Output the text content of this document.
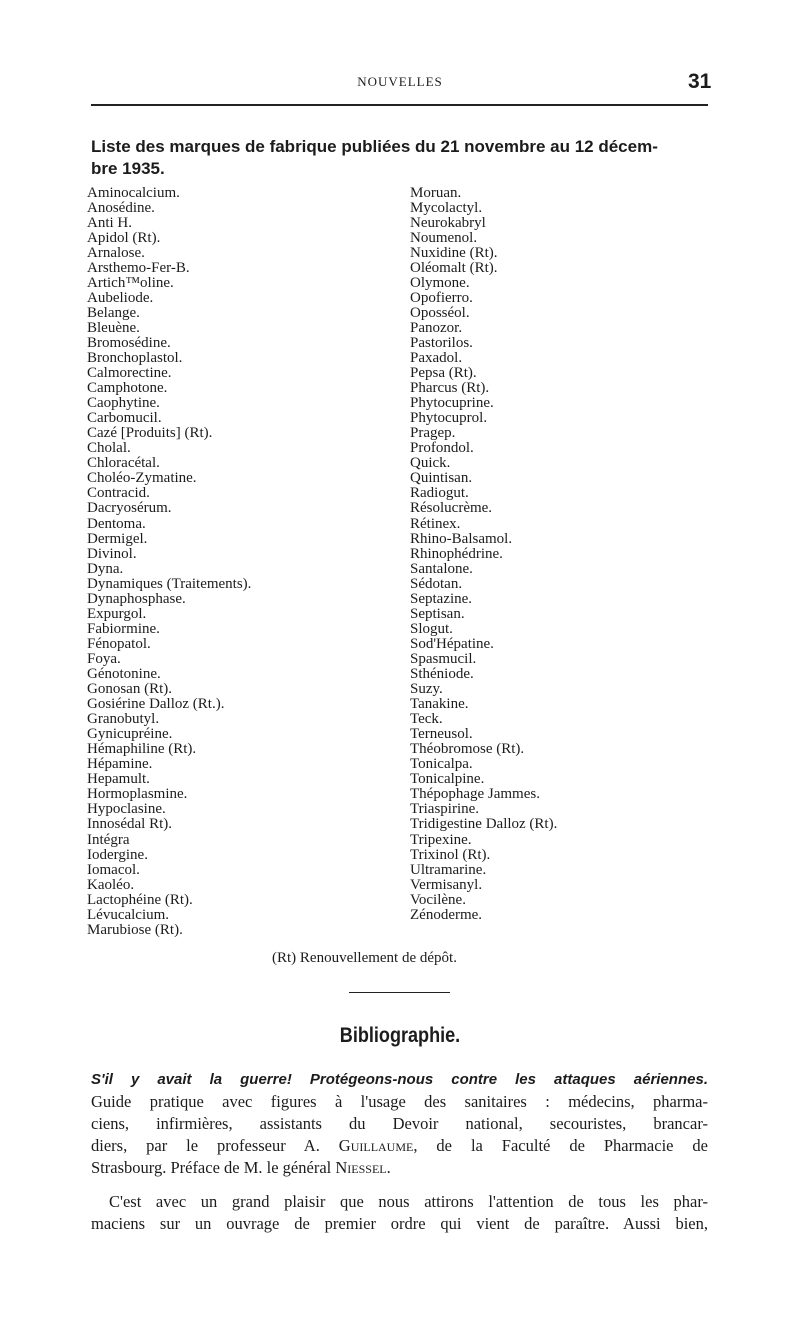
NOUVELLES	31
Liste des marques de fabrique publiées du 21 novembre au 12 décem-
bre 1935.
Aminocalcium.
Anosédine.
Anti H.
Apidol (Rt).
Arnalose.
Arsthemo-Fer-B.
Artich™oline.
Aubeliode.
Belange.
Bleuène.
Bromosédine.
Bronchoplastol.
Calmorectine.
Camphotone.
Caophytine.
Carbomucil.
Cazé [Produits] (Rt).
Cholal.
Chloracétal.
Choléo-Zymatine.
Contracid.
Dacryosérum.
Dentoma.
Dermigel.
Divinol.
Dyna.
Dynamiques (Traitements).
Dynaphosphase.
Expurgol.
Fabiormine.
Fénopatol.
Foya.
Génotonine.
Gonosan (Rt).
Gosiérine Dalloz (Rt.).
Granobutyl.
Gynicupréine.
Hémaphiline (Rt).
Hépamine.
Hepamult.
Hormoplasmine.
Hypoclasine.
Innosédal Rt).
Intégra
Iodergine.
Iomacol.
Kaoléo.
Lactophéine (Rt).
Lévucalcium.
Marubiose (Rt).
Moruan.
Mycolactyl.
Neurokabryl
Noumenol.
Nuxidine (Rt).
Oléomalt (Rt).
Olymone.
Opofierro.
Oposséol.
Panozor.
Pastorilos.
Paxadol.
Pepsa (Rt).
Pharcus (Rt).
Phytocuprine.
Phytocuprol.
Pragep.
Profondol.
Quick.
Quintisan.
Radiogut.
Résolucrème.
Rétinex.
Rhino-Balsamol.
Rhinophédrine.
Santalone.
Sédotan.
Septazine.
Septisan.
Slogut.
Sod'Hépatine.
Spasmucil.
Sthéniode.
Suzy.
Tanakine.
Teck.
Terneusol.
Théobromose (Rt).
Tonicalpa.
Tonicalpine.
Thépophage Jammes.
Triaspirine.
Tridigestine Dalloz (Rt).
Tripexine.
Trixinol (Rt).
Ultramarine.
Vermisanyl.
Vocilène.
Zénoderme.
(Rt) Renouvellement de dépôt.
Bibliographie.
S'il y avait la guerre! Protégeons-nous contre les attaques aériennes.
Guide pratique avec figures à l'usage des sanitaires : médecins, pharma-
ciens, infirmières, assistants du Devoir national, secouristes, brancar-
diers, par le professeur A. Guillaume, de la Faculté de Pharmacie de
Strasbourg. Préface de M. le général Niessel.
C'est avec un grand plaisir que nous attirons l'attention de tous les phar-
maciens sur un ouvrage de premier ordre qui vient de paraître. Aussi bien,
